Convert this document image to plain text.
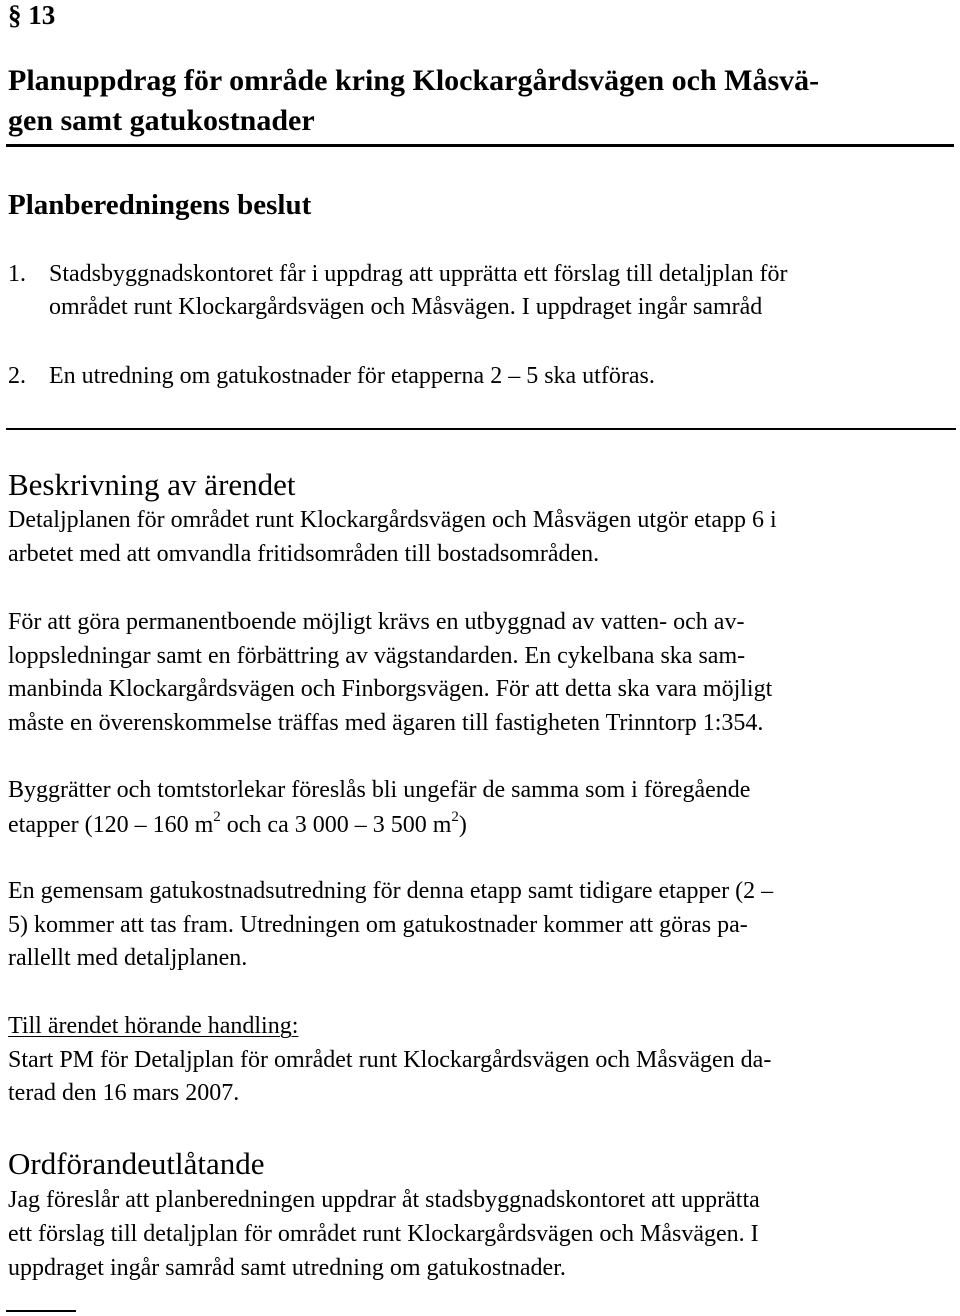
§ 13
Planuppdrag för område kring Klockargårdsvägen och Måsvä-
gen samt gatukostnader
Planberedningens beslut
1. Stadsbyggnadskontoret får i uppdrag att upprätta ett förslag till detaljplan för
området runt Klockargårdsvägen och Måsvägen. I uppdraget ingår samråd
2. En utredning om gatukostnader för etapperna 2 – 5 ska utföras.
Beskrivning av ärendet
Detaljplanen för området runt Klockargårdsvägen och Måsvägen utgör etapp 6 i
arbetet med att omvandla fritidsområden till bostadsområden.
För att göra permanentboende möjligt krävs en utbyggnad av vatten- och av-
loppsledningar samt en förbättring av vägstandarden. En cykelbana ska sam-
manbinda Klockargårdsvägen och Finborgsvägen. För att detta ska vara möjligt
måste en överenskommelse träffas med ägaren till fastigheten Trinntorp 1:354.
Byggrätter och tomtstorlekar föreslås bli ungefär de samma som i föregående
etapper (120 – 160 $m^2$ och ca 3 000 – 3 500 $m^2$)
En gemensam gatukostnadsutredning för denna etapp samt tidigare etapper (2 –
5) kommer att tas fram. Utredningen om gatukostnader kommer att göras pa-
rallellt med detaljplanen.
Till ärendet hörande handling:
Start PM för Detaljplan för området runt Klockargårdsvägen och Måsvägen da-
terad den 16 mars 2007.
Ordförandeutlåtande
Jag föreslår att planberedningen uppdrar åt stadsbyggnadskontoret att upprätta
ett förslag till detaljplan för området runt Klockargårdsvägen och Måsvägen. I
uppdraget ingår samråd samt utredning om gatukostnader.
